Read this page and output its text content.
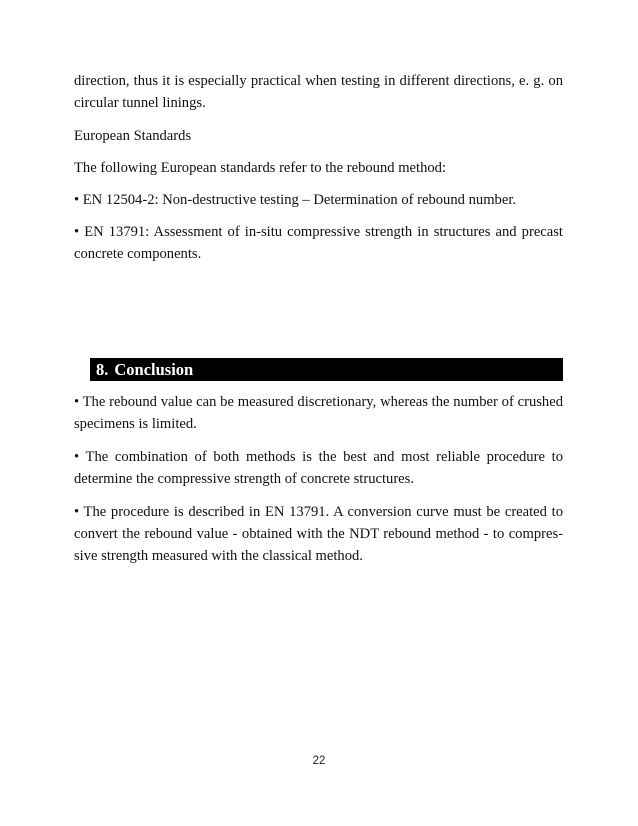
direction, thus it is especially practical when testing in different directions, e. g. on circular tunnel linings.

European Standards

The following European standards refer to the rebound method:

• EN 12504-2: Non-destructive testing – Determination of rebound number.

• EN 13791: Assessment of in-situ compressive strength in structures and precast concrete components.

8. Conclusion

• The rebound value can be measured discretionary, whereas the number of crushed specimens is limited.

• The combination of both methods is the best and most reliable procedure to determine the compressive strength of concrete structures.

• The procedure is described in EN 13791. A conversion curve must be created to convert the rebound value - obtained with the NDT rebound method - to compres-sive strength measured with the classical method.

22
